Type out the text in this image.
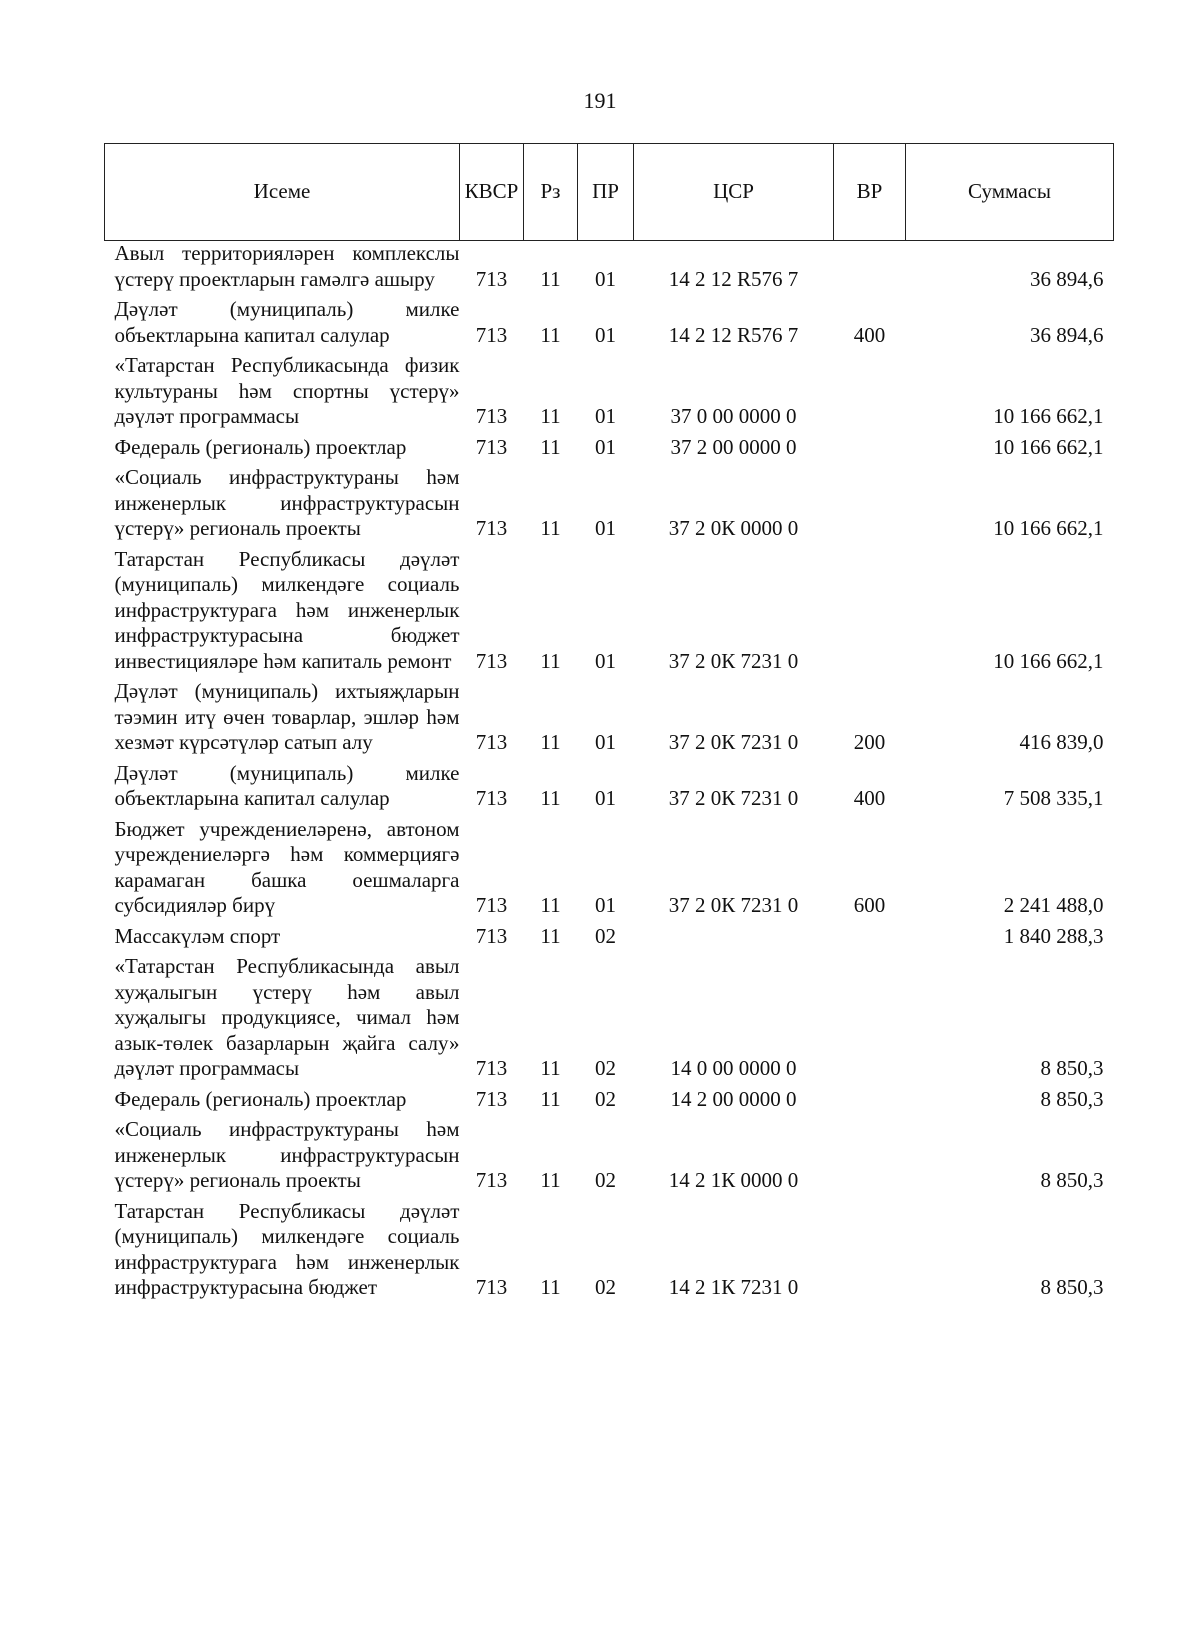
191
Исеме	КВСР	Рз	ПР	ЦСР	ВР	Суммасы
Авыл территорияләрен комплекслы үстерү проектларын гамәлгә ашыру	713	11	01	14 2 12 R576 7		36 894,6
Дәүләт (муниципаль) милке объектларына капитал салулар	713	11	01	14 2 12 R576 7	400	36 894,6
«Татарстан Республикасында физик культураны һәм спортны үстерү» дәүләт программасы	713	11	01	37 0 00 0000 0		10 166 662,1
Федераль (региональ) проектлар	713	11	01	37 2 00 0000 0		10 166 662,1
«Социаль инфраструктураны һәм инженерлык инфраструктурасын үстерү» региональ проекты	713	11	01	37 2 0К 0000 0		10 166 662,1
Татарстан Республикасы дәүләт (муниципаль) милкендәге социаль инфраструктурага һәм инженерлык инфраструктурасына бюджет инвестицияләре һәм капиталь ремонт	713	11	01	37 2 0К 7231 0		10 166 662,1
Дәүләт (муниципаль) ихтыяҗларын тәэмин итү өчен товарлар, эшләр һәм хезмәт күрсәтүләр сатып алу	713	11	01	37 2 0К 7231 0	200	416 839,0
Дәүләт (муниципаль) милке объектларына капитал салулар	713	11	01	37 2 0К 7231 0	400	7 508 335,1
Бюджет учреждениеләренә, автоном учреждениеләргә һәм коммерциягә карамаган башка оешмаларга субсидияләр бирү	713	11	01	37 2 0К 7231 0	600	2 241 488,0
Массакүләм спорт	713	11	02			1 840 288,3
«Татарстан Республикасында авыл хуҗалыгын үстерү һәм авыл хуҗалыгы продукциясе, чимал һәм азык-төлек базарларын җайга салу» дәүләт программасы	713	11	02	14 0 00 0000 0		8 850,3
Федераль (региональ) проектлар	713	11	02	14 2 00 0000 0		8 850,3
«Социаль инфраструктураны һәм инженерлык инфраструктурасын үстерү» региональ проекты	713	11	02	14 2 1К 0000 0		8 850,3
Татарстан Республикасы дәүләт (муниципаль) милкендәге социаль инфраструктурага һәм инженерлык инфраструктурасына бюджет	713	11	02	14 2 1К 7231 0		8 850,3
